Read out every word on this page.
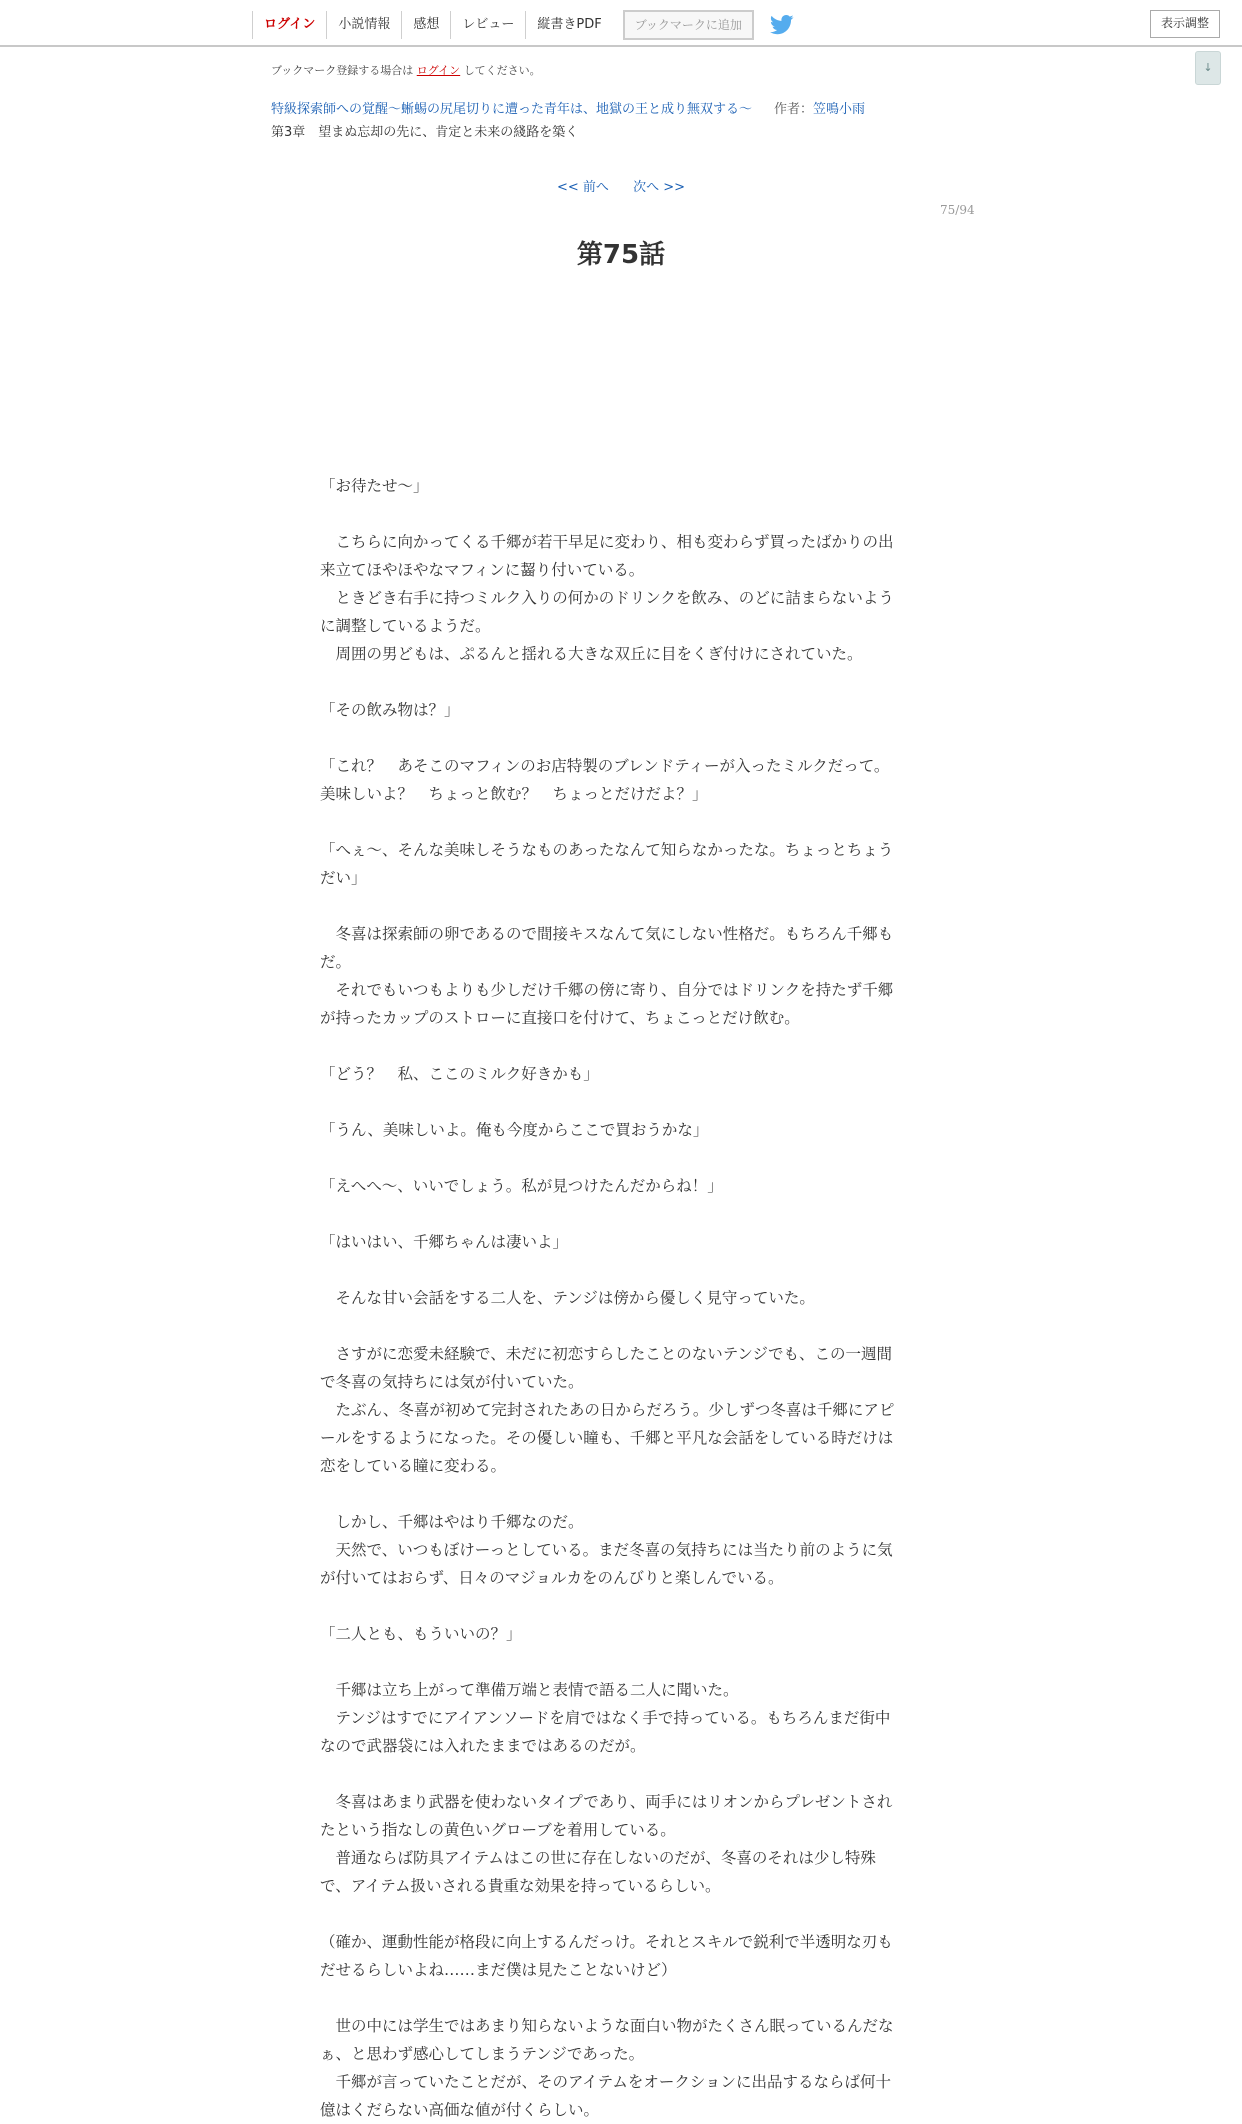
ログイン	小説情報	感想	レビュー	縦書きPDF	ブックマークに追加	表示調整
↓
ブックマーク登録する場合は ログイン してください。
特級探索師への覚醒～蜥蜴の尻尾切りに遭った青年は、地獄の王と成り無双する～ 作者：笠鳴小雨
第3章　望まぬ忘却の先に、肯定と未来の綫路を築く
<< 前へ 次へ >>
75/94
第75話

「お待たせ～」

　こちらに向かってくる千郷が若干早足に変わり、相も変わらず買ったばかりの出

来立てほやほやなマフィンに齧り付いている。

　ときどき右手に持つミルク入りの何かのドリンクを飲み、のどに詰まらないよう

に調整しているようだ。

　周囲の男どもは、ぷるんと揺れる大きな双丘に目をくぎ付けにされていた。

「その飲み物は？」

「これ？　あそこのマフィンのお店特製のブレンドティーが入ったミルクだって。

美味しいよ？　ちょっと飲む？　ちょっとだけだよ？」

「へぇ～、そんな美味しそうなものあったなんて知らなかったな。ちょっとちょう

だい」

　冬喜は探索師の卵であるので間接キスなんて気にしない性格だ。もちろん千郷も

だ。

　それでもいつもよりも少しだけ千郷の傍に寄り、自分ではドリンクを持たず千郷

が持ったカップのストローに直接口を付けて、ちょこっとだけ飲む。

「どう？　私、ここのミルク好きかも」

「うん、美味しいよ。俺も今度からここで買おうかな」

「えへへ～、いいでしょう。私が見つけたんだからね！」

「はいはい、千郷ちゃんは凄いよ」

　そんな甘い会話をする二人を、テンジは傍から優しく見守っていた。

　さすがに恋愛未経験で、未だに初恋すらしたことのないテンジでも、この一週間

で冬喜の気持ちには気が付いていた。

　たぶん、冬喜が初めて完封されたあの日からだろう。少しずつ冬喜は千郷にアピ

ールをするようになった。その優しい瞳も、千郷と平凡な会話をしている時だけは

恋をしている瞳に変わる。

　しかし、千郷はやはり千郷なのだ。

　天然で、いつもぼけーっとしている。まだ冬喜の気持ちには当たり前のように気

が付いてはおらず、日々のマジョルカをのんびりと楽しんでいる。

「二人とも、もういいの？」

　千郷は立ち上がって準備万端と表情で語る二人に聞いた。

　テンジはすでにアイアンソードを肩ではなく手で持っている。もちろんまだ街中

なので武器袋には入れたままではあるのだが。

　冬喜はあまり武器を使わないタイプであり、両手にはリオンからプレゼントされ

たという指なしの黄色いグローブを着用している。

　普通ならば防具アイテムはこの世に存在しないのだが、冬喜のそれは少し特殊

で、アイテム扱いされる貴重な効果を持っているらしい。

（確か、運動性能が格段に向上するんだっけ。それとスキルで鋭利で半透明な刃も

だせるらしいよね……まだ僕は見たことないけど）

　世の中には学生ではあまり知らないような面白い物がたくさん眠っているんだな

ぁ、と思わず感心してしまうテンジであった。

　千郷が言っていたことだが、そのアイテムをオークションに出品するならば何十

億はくだらない高価な値が付くらしい。
